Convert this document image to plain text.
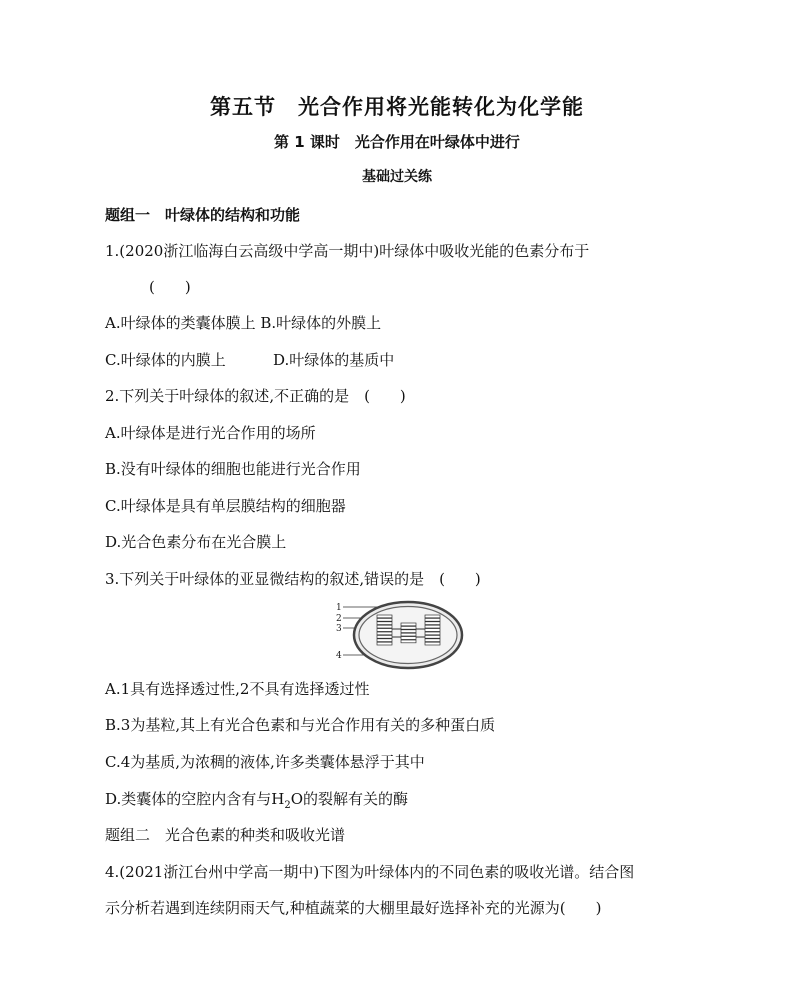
第五节　光合作用将光能转化为化学能
第 1 课时　光合作用在叶绿体中进行
基础过关练
题组一　叶绿体的结构和功能
1.(2020浙江临海白云高级中学高一期中)叶绿体中吸收光能的色素分布于
(　　)
A.叶绿体的类囊体膜上 B.叶绿体的外膜上
C.叶绿体的内膜上	D.叶绿体的基质中
2.下列关于叶绿体的叙述,不正确的是　(　　)
A.叶绿体是进行光合作用的场所
B.没有叶绿体的细胞也能进行光合作用
C.叶绿体是具有单层膜结构的细胞器
D.光合色素分布在光合膜上
3.下列关于叶绿体的亚显微结构的叙述,错误的是　(　　)
1
2
3
4
A.1具有选择透过性,2不具有选择透过性
B.3为基粒,其上有光合色素和与光合作用有关的多种蛋白质
C.4为基质,为浓稠的液体,许多类囊体悬浮于其中
D.类囊体的空腔内含有与$H_2O$的裂解有关的酶
题组二　光合色素的种类和吸收光谱
4.(2021浙江台州中学高一期中)下图为叶绿体内的不同色素的吸收光谱。结合图
示分析若遇到连续阴雨天气,种植蔬菜的大棚里最好选择补充的光源为(　　)
